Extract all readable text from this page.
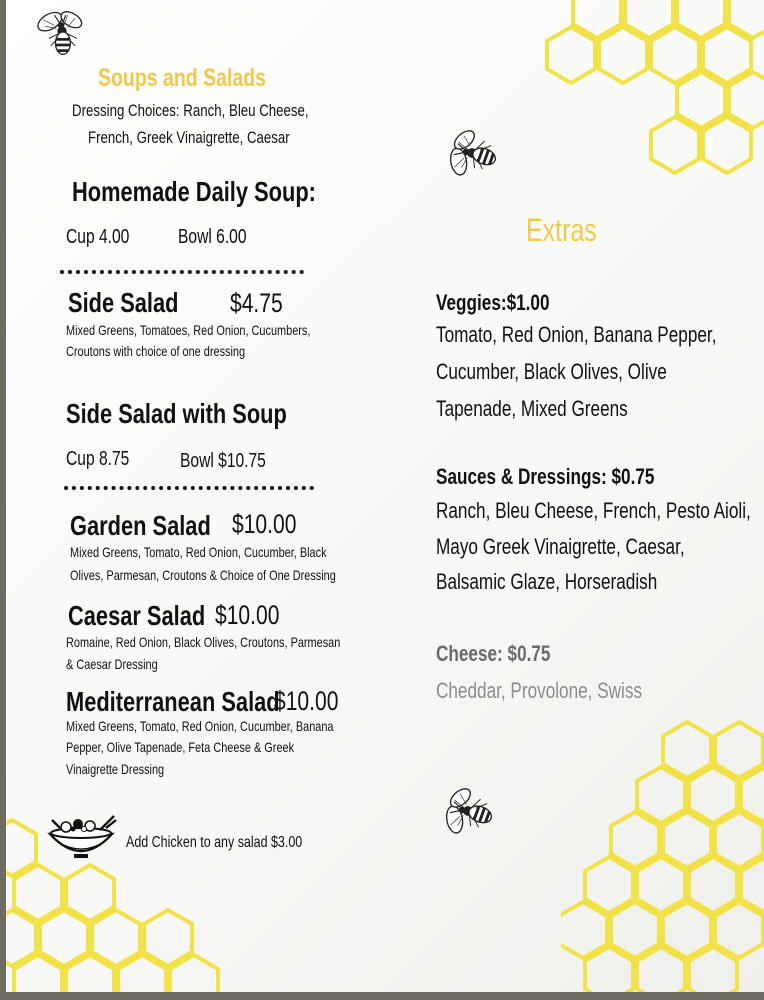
Soups and Salads
Dressing Choices: Ranch, Bleu Cheese,
French, Greek Vinaigrette, Caesar
Homemade Daily Soup:
Cup 4.00	Bowl 6.00
Side Salad	$4.75
Mixed Greens, Tomatoes, Red Onion, Cucumbers,
Croutons with choice of one dressing
Side Salad with Soup
Cup 8.75	Bowl $10.75
Garden Salad $10.00
Mixed Greens, Tomato, Red Onion, Cucumber, Black
Olives, Parmesan, Croutons & Choice of One Dressing
Caesar Salad $10.00
Romaine, Red Onion, Black Olives, Croutons, Parmesan
& Caesar Dressing
Mediterranean Salad
$10.00
Mixed Greens, Tomato, Red Onion, Cucumber, Banana
Pepper, Olive Tapenade, Feta Cheese & Greek
Vinaigrette Dressing
Add Chicken to any salad $3.00
Extras
Veggies:$1.00
Tomato, Red Onion, Banana Pepper,
Cucumber, Black Olives, Olive
Tapenade, Mixed Greens
Sauces & Dressings: $0.75
Ranch, Bleu Cheese, French, Pesto Aioli,
Mayo Greek Vinaigrette, Caesar,
Balsamic Glaze, Horseradish
Cheese: $0.75
Cheddar, Provolone, Swiss
